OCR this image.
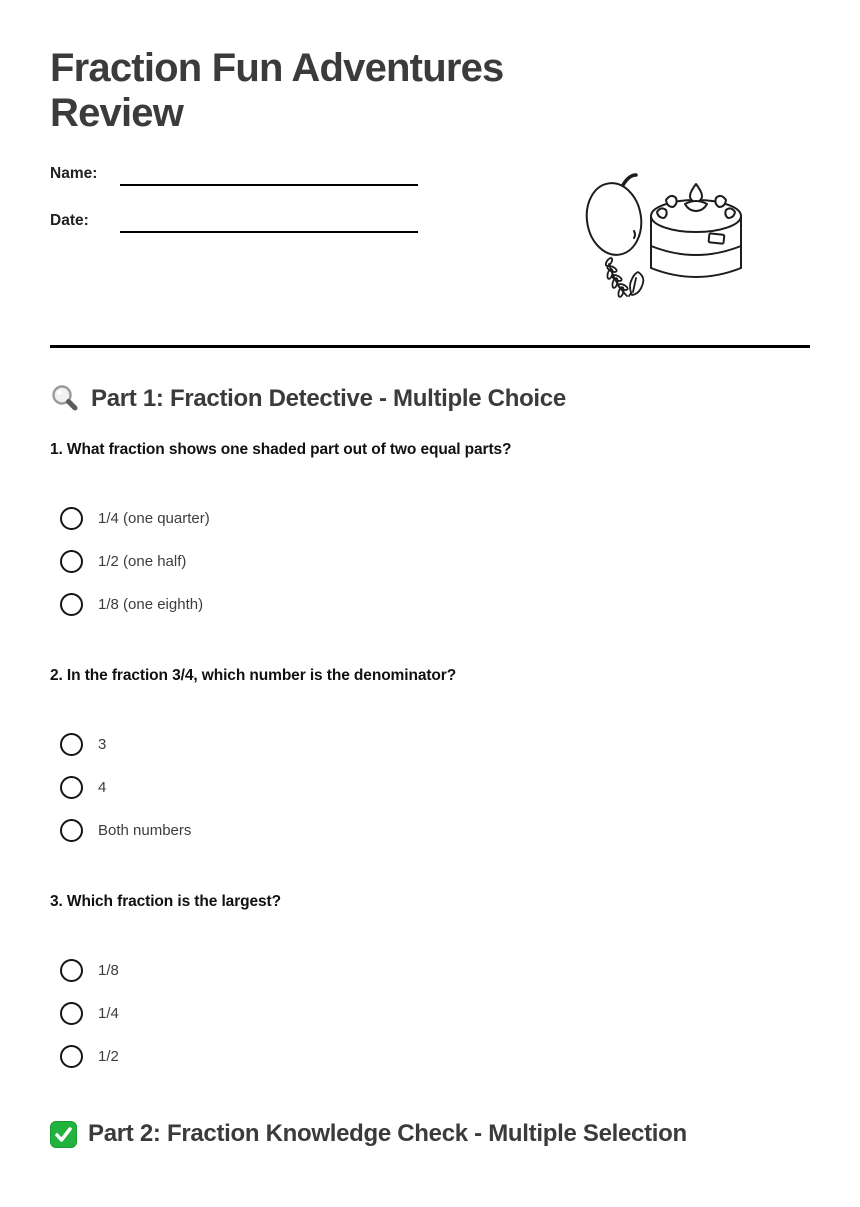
Fraction Fun Adventures Review
Name:
Date:
Part 1: Fraction Detective - Multiple Choice
1. What fraction shows one shaded part out of two equal parts?
1/4 (one quarter)
1/2 (one half)
1/8 (one eighth)
2. In the fraction 3/4, which number is the denominator?
3
4
Both numbers
3. Which fraction is the largest?
1/8
1/4
1/2
Part 2: Fraction Knowledge Check - Multiple Selection
